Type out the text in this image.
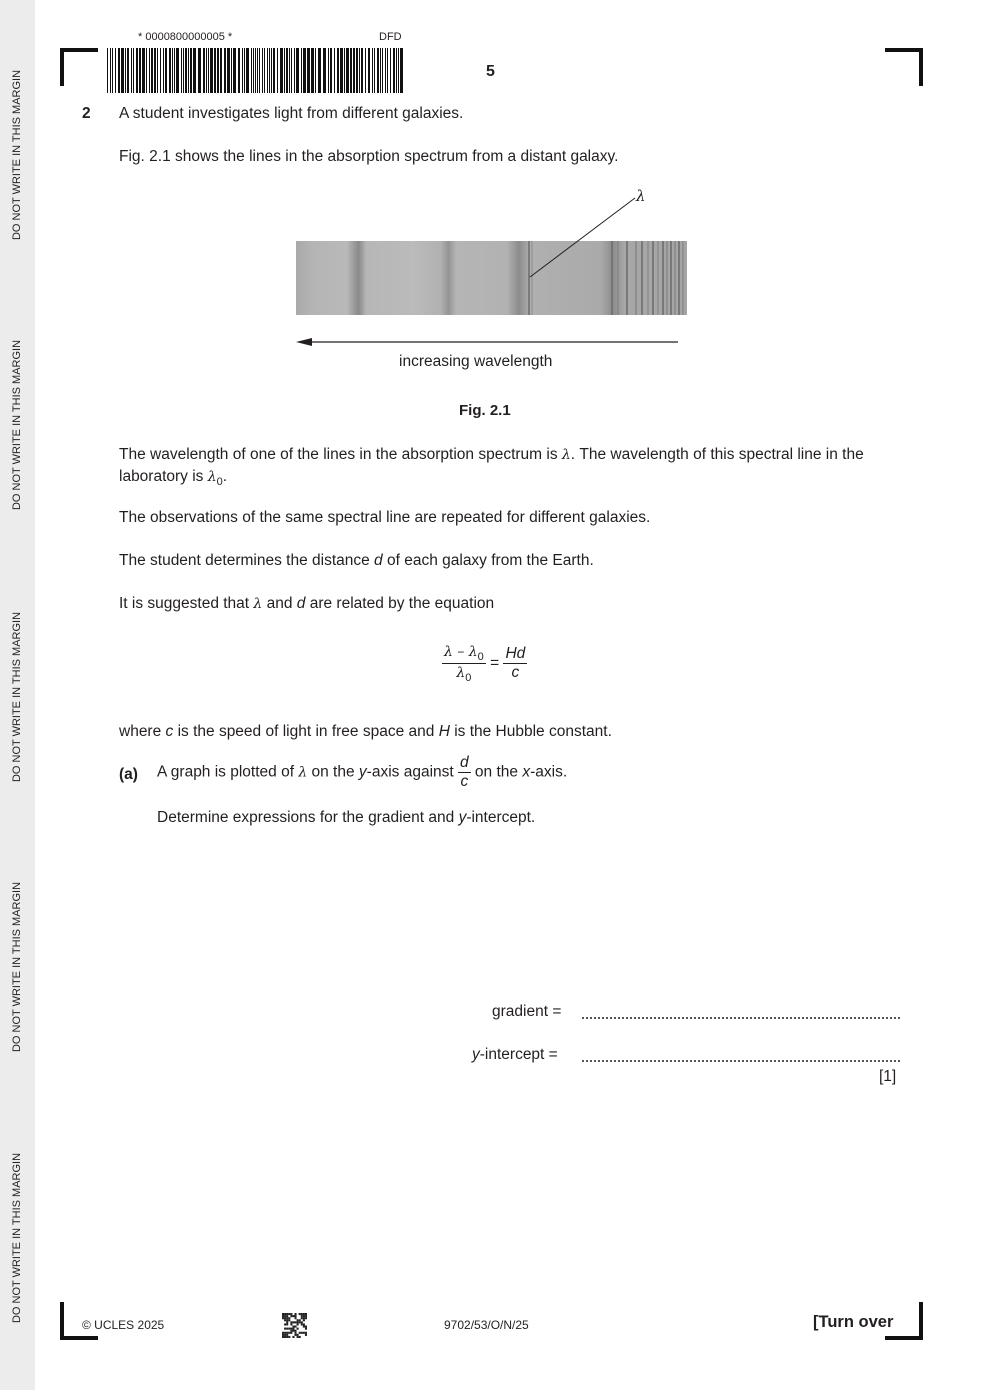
DO NOT WRITE IN THIS MARGIN
DO NOT WRITE IN THIS MARGIN
DO NOT WRITE IN THIS MARGIN
DO NOT WRITE IN THIS MARGIN
DO NOT WRITE IN THIS MARGIN
* 0000800000005 *	DFD
5
2 A student investigates light from different galaxies.
Fig. 2.1 shows the lines in the absorption spectrum from a distant galaxy.
λ
increasing wavelength
Fig. 2.1
The wavelength of one of the lines in the absorption spectrum is λ. The wavelength of this spectral line in the laboratory is $\lambda_0$.
The observations of the same spectral line are repeated for different galaxies.
The student determines the distance d of each galaxy from the Earth.
It is suggested that λ and d are related by the equation
$\frac{\lambda - \lambda_0}{\lambda_0} = \frac{Hd}{c}$
where c is the speed of light in free space and H is the Hubble constant.
(a) A graph is plotted of λ on the y-axis against $\frac{d}{c}$ on the x-axis.
Determine expressions for the gradient and y-intercept.
gradient =
y-intercept =
[1]
© UCLES 2025	9702/53/O/N/25	[Turn over
